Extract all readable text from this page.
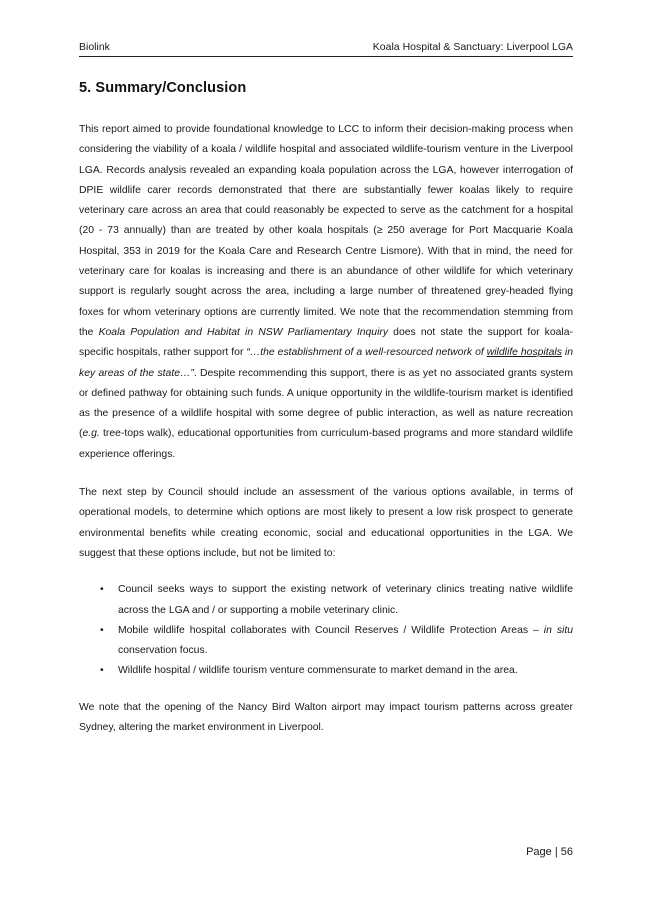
Biolink	Koala Hospital & Sanctuary: Liverpool LGA
5. Summary/Conclusion

This report aimed to provide foundational knowledge to LCC to inform their decision-making process when considering the viability of a koala / wildlife hospital and associated wildlife-tourism venture in the Liverpool LGA. Records analysis revealed an expanding koala population across the LGA, however interrogation of DPIE wildlife carer records demonstrated that there are substantially fewer koalas likely to require veterinary care across an area that could reasonably be expected to serve as the catchment for a hospital (20 - 73 annually) than are treated by other koala hospitals (≥ 250 average for Port Macquarie Koala Hospital, 353 in 2019 for the Koala Care and Research Centre Lismore). With that in mind, the need for veterinary care for koalas is increasing and there is an abundance of other wildlife for which veterinary support is regularly sought across the area, including a large number of threatened grey-headed flying foxes for whom veterinary options are currently limited. We note that the recommendation stemming from the Koala Population and Habitat in NSW Parliamentary Inquiry does not state the support for koala-specific hospitals, rather support for “…the establishment of a well-resourced network of wildlife hospitals in key areas of the state…”. Despite recommending this support, there is as yet no associated grants system or defined pathway for obtaining such funds. A unique opportunity in the wildlife-tourism market is identified as the presence of a wildlife hospital with some degree of public interaction, as well as nature recreation (e.g. tree-tops walk), educational opportunities from curriculum-based programs and more standard wildlife experience offerings.

The next step by Council should include an assessment of the various options available, in terms of operational models, to determine which options are most likely to present a low risk prospect to generate environmental benefits while creating economic, social and educational opportunities in the LGA. We suggest that these options include, but not be limited to:

• Council seeks ways to support the existing network of veterinary clinics treating native wildlife across the LGA and / or supporting a mobile veterinary clinic.
• Mobile wildlife hospital collaborates with Council Reserves / Wildlife Protection Areas – in situ conservation focus.
• Wildlife hospital / wildlife tourism venture commensurate to market demand in the area.

We note that the opening of the Nancy Bird Walton airport may impact tourism patterns across greater Sydney, altering the market environment in Liverpool.

Page | 56
